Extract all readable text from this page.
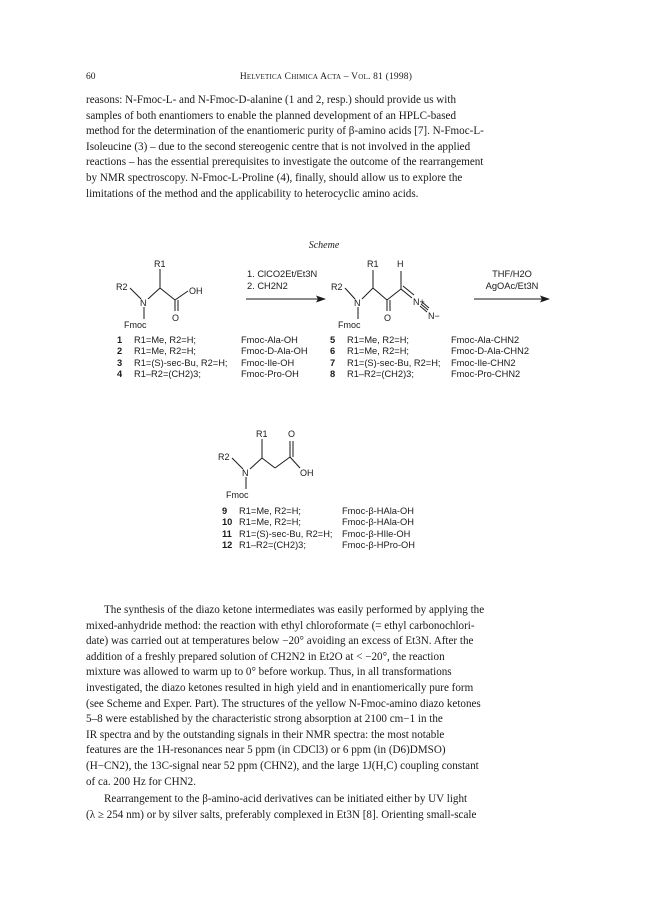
60	Helvetica Chimica Acta – Vol. 81 (1998)

reasons: N-Fmoc-L- and N-Fmoc-D-alanine (1 and 2, resp.) should provide us with

samples of both enantiomers to enable the planned development of an HPLC-based

method for the determination of the enantiomeric purity of β-amino acids [7]. N-Fmoc-L-

Isoleucine (3) – due to the second stereogenic centre that is not involved in the applied

reactions – has the essential prerequisites to investigate the outcome of the rearrangement

by NMR spectroscopy. N-Fmoc-L-Proline (4), finally, should allow us to explore the

limitations of the method and the applicability to heterocyclic amino acids.

Scheme
R1
R2
N
OH
O
Fmoc
1. ClCO2Et/Et3N
2. CH2N2
R1 H
R2
N	N+
N−
O
Fmoc
THF/H2O
AgOAc/Et3N
1 R1=Me, R2=H;	Fmoc-Ala-OH
2 R1=Me, R2=H;	Fmoc-D-Ala-OH
3 R1=(S)-sec-Bu, R2=H; Fmoc-Ile-OH
4 R1–R2=(CH2)3;	Fmoc-Pro-OH
5 R1=Me, R2=H;	Fmoc-Ala-CHN2
6 R1=Me, R2=H;	Fmoc-D-Ala-CHN2
7 R1=(S)-sec-Bu, R2=H; Fmoc-Ile-CHN2
8 R1–R2=(CH2)3;	Fmoc-Pro-CHN2
R1 O
R2
N	OH
Fmoc
9 R1=Me, R2=H;	Fmoc-β-HAla-OH
10 R1=Me, R2=H;	Fmoc-β-HAla-OH
11 R1=(S)-sec-Bu, R2=H; Fmoc-β-HIle-OH
12 R1–R2=(CH2)3;	Fmoc-β-HPro-OH

The synthesis of the diazo ketone intermediates was easily performed by applying the

mixed-anhydride method: the reaction with ethyl chloroformate (= ethyl carbonochlori-

date) was carried out at temperatures below −20° avoiding an excess of Et3N. After the

addition of a freshly prepared solution of CH2N2 in Et2O at < −20°, the reaction

mixture was allowed to warm up to 0° before workup. Thus, in all transformations

investigated, the diazo ketones resulted in high yield and in enantiomerically pure form

(see Scheme and Exper. Part). The structures of the yellow N-Fmoc-amino diazo ketones

5–8 were established by the characteristic strong absorption at 2100 cm−1 in the

IR spectra and by the outstanding signals in their NMR spectra: the most notable

features are the 1H-resonances near 5 ppm (in CDCl3) or 6 ppm (in (D6)DMSO)

(H−CN2), the 13C-signal near 52 ppm (CHN2), and the large 1J(H,C) coupling constant

of ca. 200 Hz for CHN2.

Rearrangement to the β-amino-acid derivatives can be initiated either by UV light

(λ ≥ 254 nm) or by silver salts, preferably complexed in Et3N [8]. Orienting small-scale
